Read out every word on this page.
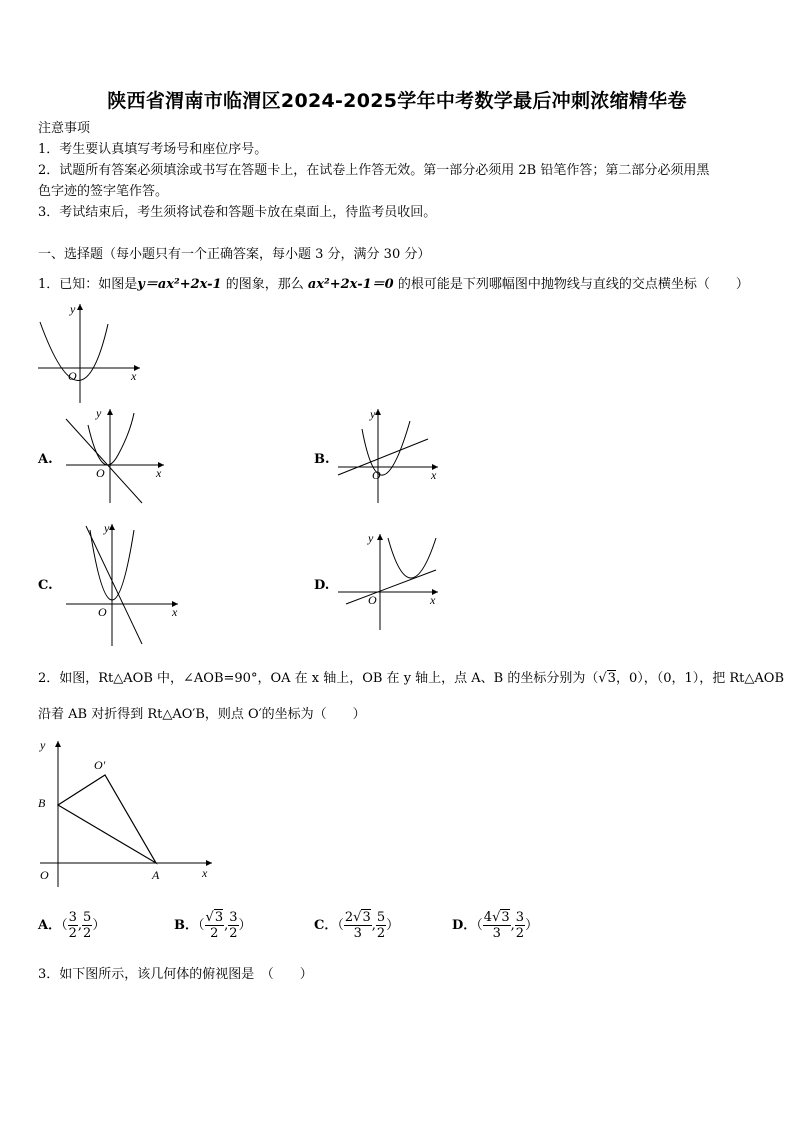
陕西省渭南市临渭区2024-2025学年中考数学最后冲刺浓缩精华卷
注意事项
1．考生要认真填写考场号和座位序号。
2．试题所有答案必须填涂或书写在答题卡上，在试卷上作答无效。第一部分必须用 2B 铅笔作答；第二部分必须用黑
色字迹的签字笔作答。
3．考试结束后，考生须将试卷和答题卡放在桌面上，待监考员收回。
一、选择题（每小题只有一个正确答案，每小题 3 分，满分 30 分）
1．已知：如图是y＝ax²+2x-1 的图象，那么 ax²+2x-1＝0 的根可能是下列哪幅图中抛物线与直线的交点横坐标（　　）
y
x
O
A.
y
x
O
B.
y
x
O
C.
y
x
O
D.
y
x
O
2．如图，Rt△AOB 中，∠AOB=90°，OA 在 x 轴上，OB 在 y 轴上，点 A、B 的坐标分别为（√3，0），（0，1），把 Rt△AOB
沿着 AB 对折得到 Rt△AO′B，则点 O′的坐标为（　　）
y
x
O	A
B
O′
A．（ $\frac{3}{2}$ , $\frac{5}{2}$ ）	B．（ $\frac{√3}{2}$ , $\frac{3}{2}$ ）	C．（ $\frac{2√3}{3}$ , $\frac{5}{2}$ ）	D．（ $\frac{4√3}{3}$ , $\frac{3}{2}$ ）
3．如下图所示，该几何体的俯视图是　（　　）
